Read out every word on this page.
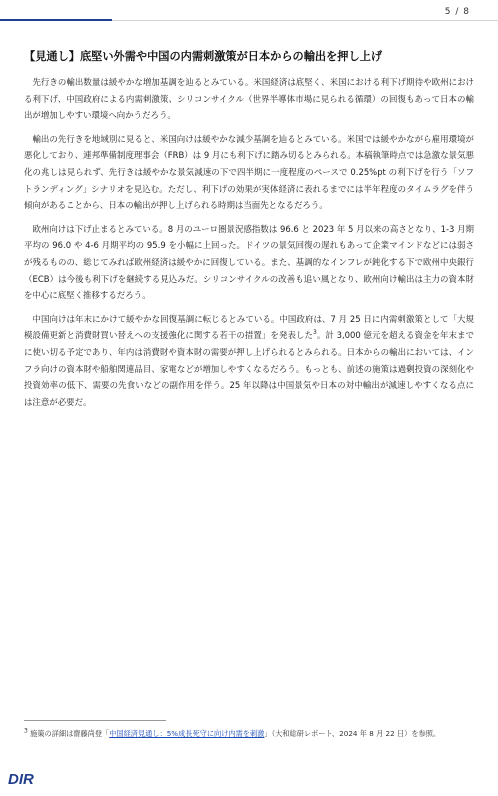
5 / 8
【見通し】底堅い外需や中国の内需刺激策が日本からの輸出を押し上げ

先行きの輸出数量は緩やかな増加基調を辿るとみている。米国経済は底堅く、米国における利下げ期待や欧州における利下げ、中国政府による内需刺激策、シリコンサイクル（世界半導体市場に見られる循環）の回復もあって日本の輸出が増加しやすい環境へ向かうだろう。

輸出の先行きを地域別に見ると、米国向けは緩やかな減少基調を辿るとみている。米国では緩やかながら雇用環境が悪化しており、連邦準備制度理事会（FRB）は 9 月にも利下げに踏み切るとみられる。本稿執筆時点では急激な景気悪化の兆しは見られず、先行きは緩やかな景気減速の下で四半期に一度程度のペースで 0.25%pt の利下げを行う「ソフトランディング」シナリオを見込む。ただし、利下げの効果が実体経済に表れるまでには半年程度のタイムラグを伴う傾向があることから、日本の輸出が押し上げられる時期は当面先となるだろう。

欧州向けは下げ止まるとみている。8 月のユーロ圏景況感指数は 96.6 と 2023 年 5 月以来の高さとなり、1-3 月期平均の 96.0 や 4-6 月期平均の 95.9 を小幅に上回った。ドイツの景気回復の遅れもあって企業マインドなどには弱さが残るものの、総じてみれば欧州経済は緩やかに回復している。また、基調的なインフレが鈍化する下で欧州中央銀行（ECB）は今後も利下げを継続する見込みだ。シリコンサイクルの改善も追い風となり、欧州向け輸出は主力の資本財を中心に底堅く推移するだろう。

中国向けは年末にかけて緩やかな回復基調に転じるとみている。中国政府は、7 月 25 日に内需刺激策として「大規模設備更新と消費財買い替えへの支援強化に関する若干の措置」を発表した$^3$。計 3,000 億元を超える資金を年末までに使い切る予定であり、年内は消費財や資本財の需要が押し上げられるとみられる。日本からの輸出においては、インフラ向けの資本財や船舶関連品目、家電などが増加しやすくなるだろう。もっとも、前述の施策は過剰投資の深刻化や投資効率の低下、需要の先食いなどの副作用を伴う。25 年以降は中国景気や日本の対中輸出が減速しやすくなる点には注意が必要だ。

$^3$ 施策の詳細は齋藤尚登「中国経済見通し：5%成長死守に向け内需を刺激」（大和総研レポート、2024 年 8 月 22 日）を参照。
DIR
